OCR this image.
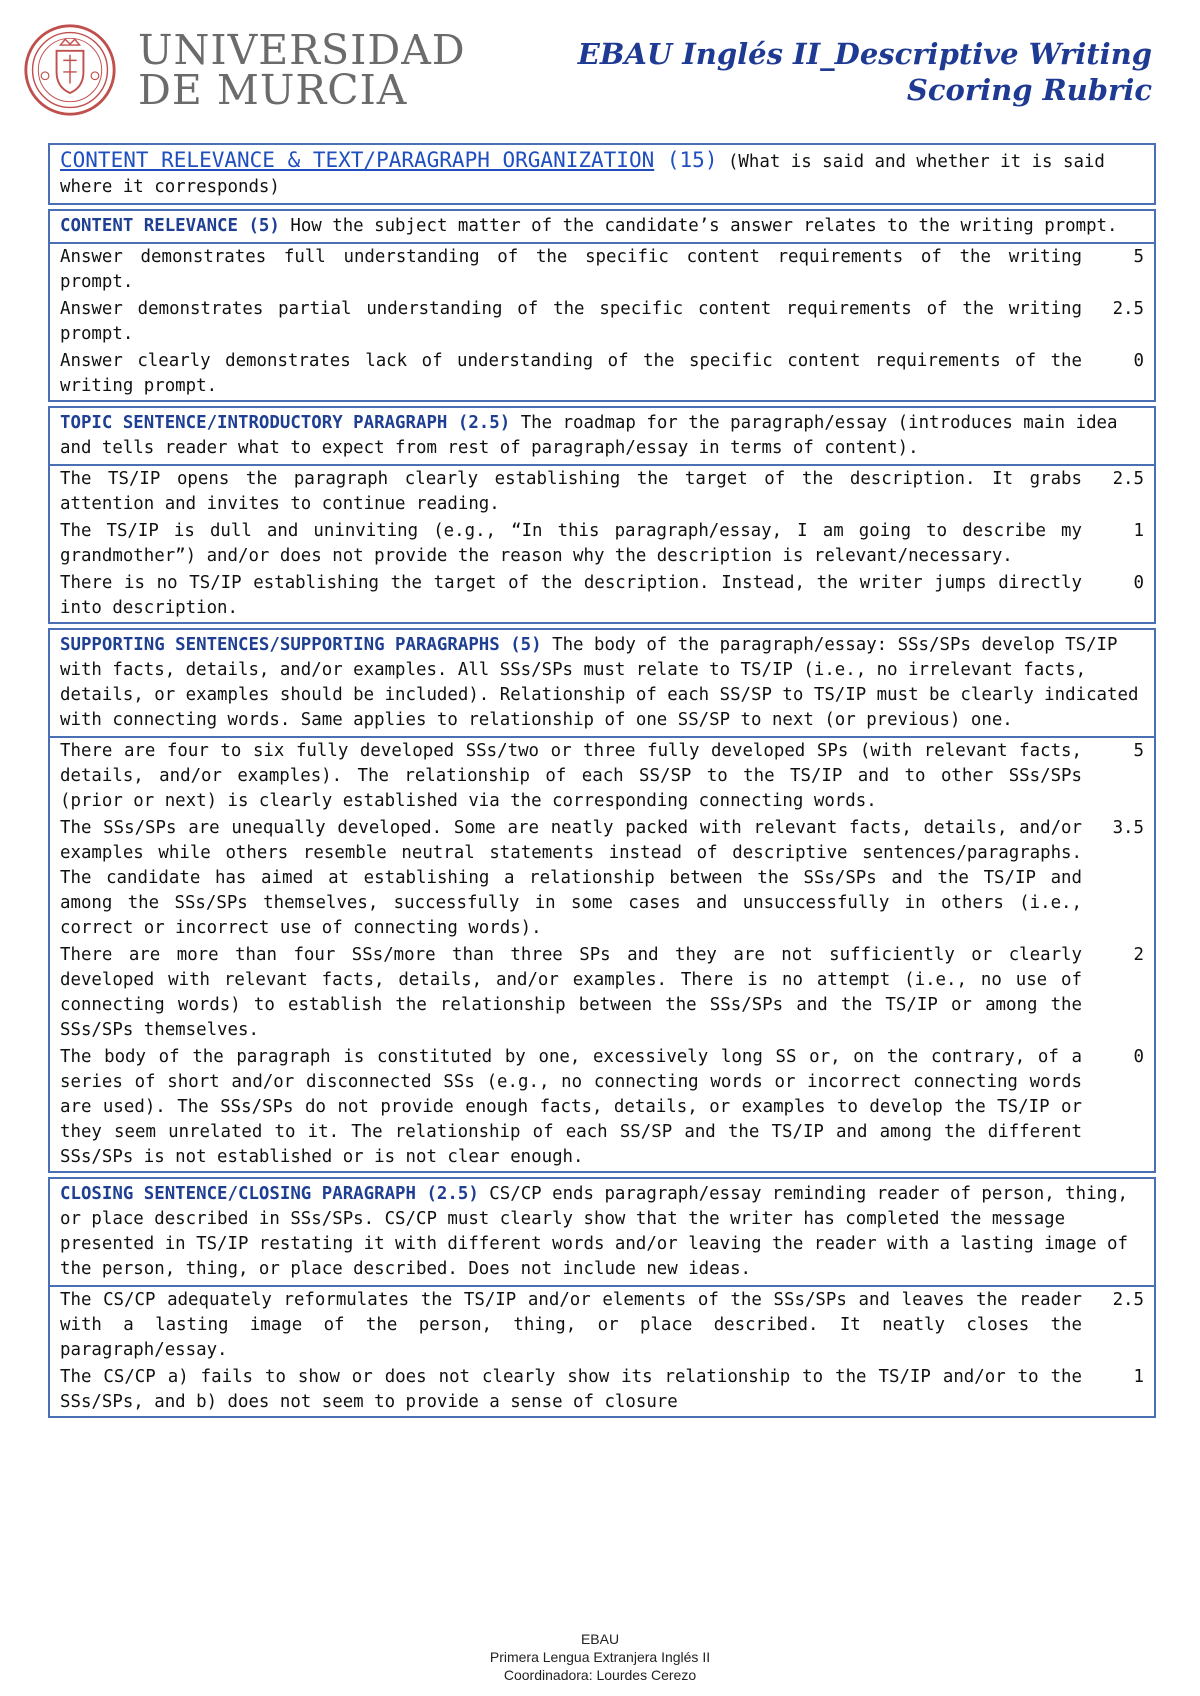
UNIVERSIDAD
DE MURCIA
EBAU Inglés II_Descriptive Writing
Scoring Rubric
CONTENT RELEVANCE & TEXT/PARAGRAPH ORGANIZATION (15) (What is said and whether it is said where it corresponds)
CONTENT RELEVANCE (5) How the subject matter of the candidate’s answer relates to the writing prompt.
Answer demonstrates full understanding of the specific content requirements of the writing prompt.
5
Answer demonstrates partial understanding of the specific content requirements of the writing prompt.
2.5
Answer clearly demonstrates lack of understanding of the specific content requirements of the writing prompt.
0
TOPIC SENTENCE/INTRODUCTORY PARAGRAPH (2.5) The roadmap for the paragraph/essay (introduces main idea and tells reader what to expect from rest of paragraph/essay in terms of content).
The TS/IP opens the paragraph clearly establishing the target of the description. It grabs attention and invites to continue reading.
2.5
The TS/IP is dull and uninviting (e.g., “In this paragraph/essay, I am going to describe my grandmother”) and/or does not provide the reason why the description is relevant/necessary.
1
There is no TS/IP establishing the target of the description. Instead, the writer jumps directly into description.
0
SUPPORTING SENTENCES/SUPPORTING PARAGRAPHS (5) The body of the paragraph/essay: SSs/SPs develop TS/IP with facts, details, and/or examples. All SSs/SPs must relate to TS/IP (i.e., no irrelevant facts, details, or examples should be included). Relationship of each SS/SP to TS/IP must be clearly indicated with connecting words. Same applies to relationship of one SS/SP to next (or previous) one.
There are four to six fully developed SSs/two or three fully developed SPs (with relevant facts, details, and/or examples). The relationship of each SS/SP to the TS/IP and to other SSs/SPs (prior or next) is clearly established via the corresponding connecting words.
5
The SSs/SPs are unequally developed. Some are neatly packed with relevant facts, details, and/or examples while others resemble neutral statements instead of descriptive sentences/paragraphs. The candidate has aimed at establishing a relationship between the SSs/SPs and the TS/IP and among the SSs/SPs themselves, successfully in some cases and unsuccessfully in others (i.e., correct or incorrect use of connecting words).
3.5
There are more than four SSs/more than three SPs and they are not sufficiently or clearly developed with relevant facts, details, and/or examples. There is no attempt (i.e., no use of connecting words) to establish the relationship between the SSs/SPs and the TS/IP or among the SSs/SPs themselves.
2
The body of the paragraph is constituted by one, excessively long SS or, on the contrary, of a series of short and/or disconnected SSs (e.g., no connecting words or incorrect connecting words are used). The SSs/SPs do not provide enough facts, details, or examples to develop the TS/IP or they seem unrelated to it. The relationship of each SS/SP and the TS/IP and among the different SSs/SPs is not established or is not clear enough.
0
CLOSING SENTENCE/CLOSING PARAGRAPH (2.5) CS/CP ends paragraph/essay reminding reader of person, thing, or place described in SSs/SPs. CS/CP must clearly show that the writer has completed the message presented in TS/IP restating it with different words and/or leaving the reader with a lasting image of the person, thing, or place described. Does not include new ideas.
The CS/CP adequately reformulates the TS/IP and/or elements of the SSs/SPs and leaves the reader with a lasting image of the person, thing, or place described. It neatly closes the paragraph/essay.
2.5
The CS/CP a) fails to show or does not clearly show its relationship to the TS/IP and/or to the SSs/SPs, and b) does not seem to provide a sense of closure
1
EBAU
Primera Lengua Extranjera Inglés II
Coordinadora: Lourdes Cerezo
